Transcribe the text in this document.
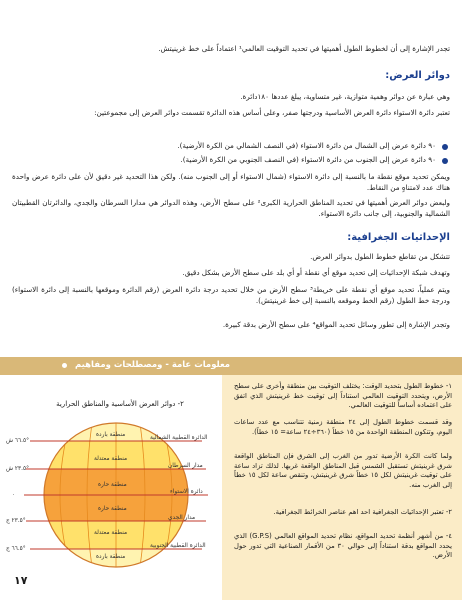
تجدر الإشارة إلى أن لخطوط الطول أهميتها في تحديد التوقيت العالمي¹ اعتماداً على خط غرينيتش.

دوائر العرض:

وهي عبارة عن دوائر وهمية متوازية، غير متساوية، يبلغ عددها ١٨٠دائرة.

تعتبر دائرة الاستواء دائرة العرض الأساسية ودرجتها صفر، وعلى أساس هذه الدائرة تقسمت دوائر العرض إلى مجموعتين:

٩٠ دائرة عرض إلى الشمال من دائرة الاستواء (في النصف الشمالي من الكرة الأرضية).

٩٠ دائرة عرض إلى الجنوب من دائرة الاستواء (في النصف الجنوبي من الكرة الأرضية).

ويمكن تحديد موقع نقطة ما بالنسبة إلى دائرة الاستواء (شمال الاستواء أو إلى الجنوب منه). ولكن هذا التحديد غير دقيق لأن على دائرة عرض واحدة هناك عدد لامتناهٍ من النقاط.

ولبعض دوائر العرض أهميتها في تحديد المناطق الحرارية الكبرى² على سطح الأرض، وهذه الدوائر هي مدارا السرطان والجدي، والدائرتان القطبيتان الشمالية والجنوبية، إلى جانب دائرة الاستواء.

الإحداثيات الجغرافية:

تتشكل من تقاطع خطوط الطول بدوائر العرض.

وتهدف شبكة الإحداثيات إلى تحديد موقع أي نقطة أو أي بلد على سطح الأرض بشكل دقيق.

ويتم عملياً، تحديد موقع أي نقطة على خريطة³ سطح الأرض من خلال تحديد درجة دائرة العرض (رقم الدائرة وموقعها بالنسبة إلى دائرة الاستواء) ودرجة خط الطول (رقم الخط وموقعه بالنسبة إلى خط غرينيتش).

وتجدر الإشارة إلى تطور وسائل تحديد المواقع⁴ على سطح الأرض بدقة كبيرة.

معلومات عامة - ومصطلحات ومفاهيم
٢- دوائر العرض الأساسية والمناطق الحرارية
°٦٦.٥ ش
°٢٣.٥ ش
٠
°٢٣.٥ ج
°٦٦.٥ ج
الدائرة القطبية الشمالية
مدار السرطان
دائرة الاستواء
مدار الجدي
الدائرة القطبية الجنوبية
منطقة باردة
منطقة معتدلة
منطقة حارة
منطقة حارة
منطقة معتدلة
منطقة باردة

١- خطوط الطول بتحديد الوقت: يختلف التوقيت بين منطقة وأخرى على سطح الأرض، ويتحدد التوقيت العالمي استناداً إلى توقيت خط غرينيتش الذي اتفق على اعتماده أساساً للتوقيت العالمي.

وقد قسمت خطوط الطول إلى ٢٤ منطقة زمنية تتناسب مع عدد ساعات اليوم، وتتكون المنطقة الواحدة من ١٥ خطاً (٣٦٠÷٢٤ ساعة= ١٥ خطاً).

ولما كانت الكرة الأرضية تدور من الغرب إلى الشرق فإن المناطق الواقعة شرق غرينيتش تستقبل الشمس قبل المناطق الواقعة غربها. لذلك تزاد ساعة على توقيت غرينيتش لكل ١٥ خطاً شرق غرينيتش، وتنقص ساعة لكل ١٥ خطاً إلى الغرب منه.

٢- تعتبر الإحداثيات الجغرافية احد اهم عناصر الخرائط الجغرافية.

٤- من أشهر أنظمة تحديد المواقع، نظام تحديد المواقع العالمي (G.P.S) الذي يحدد المواقع بدقة استناداً إلى حوالي ٣٠ من الأقمار الصناعية التي تدور حول الأرض.

١٧
